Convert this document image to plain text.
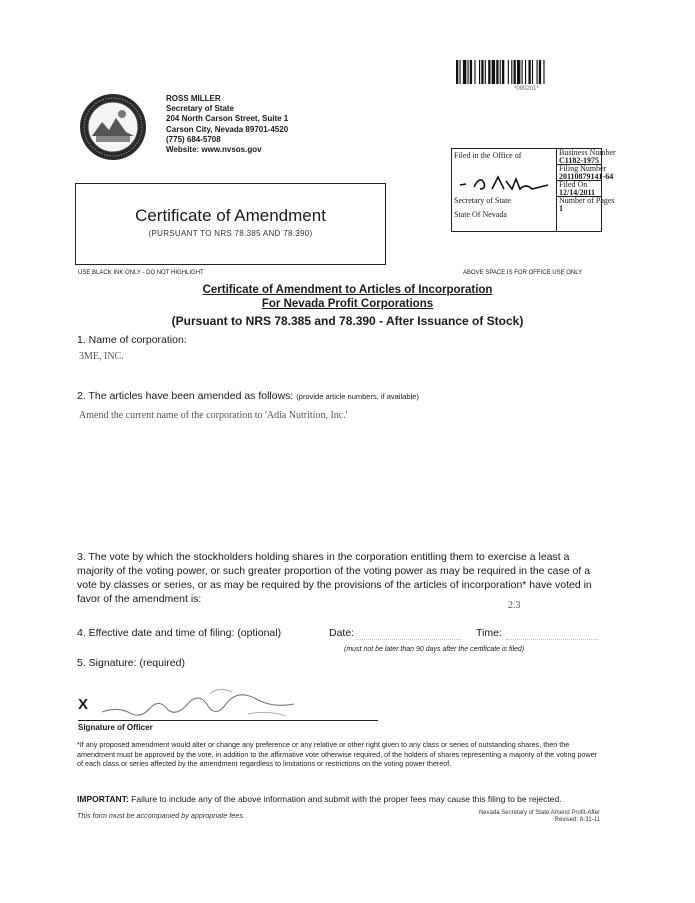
ROSS MILLER
Secretary of State
204 North Carson Street, Suite 1
Carson City, Nevada 89701-4520
(775) 684-5708
Website: www.nvsos.gov
*090201*
Filed in the Office of
Secretary of State
State Of Nevada
Business Number
C1182-1975
Filing Number
20110879141-64
Filed On
12/14/2011
Number of Pages
1
Certificate of Amendment
(PURSUANT TO NRS 78.385 AND 78.390)
USE BLACK INK ONLY - DO NOT HIGHLIGHT	ABOVE SPACE IS FOR OFFICE USE ONLY
Certificate of Amendment to Articles of Incorporation
For Nevada Profit Corporations
(Pursuant to NRS 78.385 and 78.390 - After Issuance of Stock)
1. Name of corporation:
3ME, INC.
2. The articles have been amended as follows: (provide article numbers, if available)
Amend the current name of the corporation to 'Adia Nutrition, Inc.'
3. The vote by which the stockholders holding shares in the corporation entitling them to exercise a least a majority of the voting power, or such greater proportion of the voting power as may be required in the case of a vote by classes or series, or as may be required by the provisions of the articles of incorporation* have voted in favor of the amendment is:
2.3
4. Effective date and time of filing: (optional)	Date:	Time:
(must not be later than 90 days after the certificate is filed)
5. Signature: (required)
X
Signature of Officer
*If any proposed amendment would alter or change any preference or any relative or other right given to any class or series of outstanding shares, then the amendment must be approved by the vote, in addition to the affirmative vote otherwise required, of the holders of shares representing a majority of the voting power of each class or series affected by the amendment regardless to limitations or restrictions on the voting power thereof.
IMPORTANT: Failure to include any of the above information and submit with the proper fees may cause this filing to be rejected.
This form must be accompanied by appropriate fees.	Nevada Secretary of State Amend Profit-After
Revised: 8-31-11
